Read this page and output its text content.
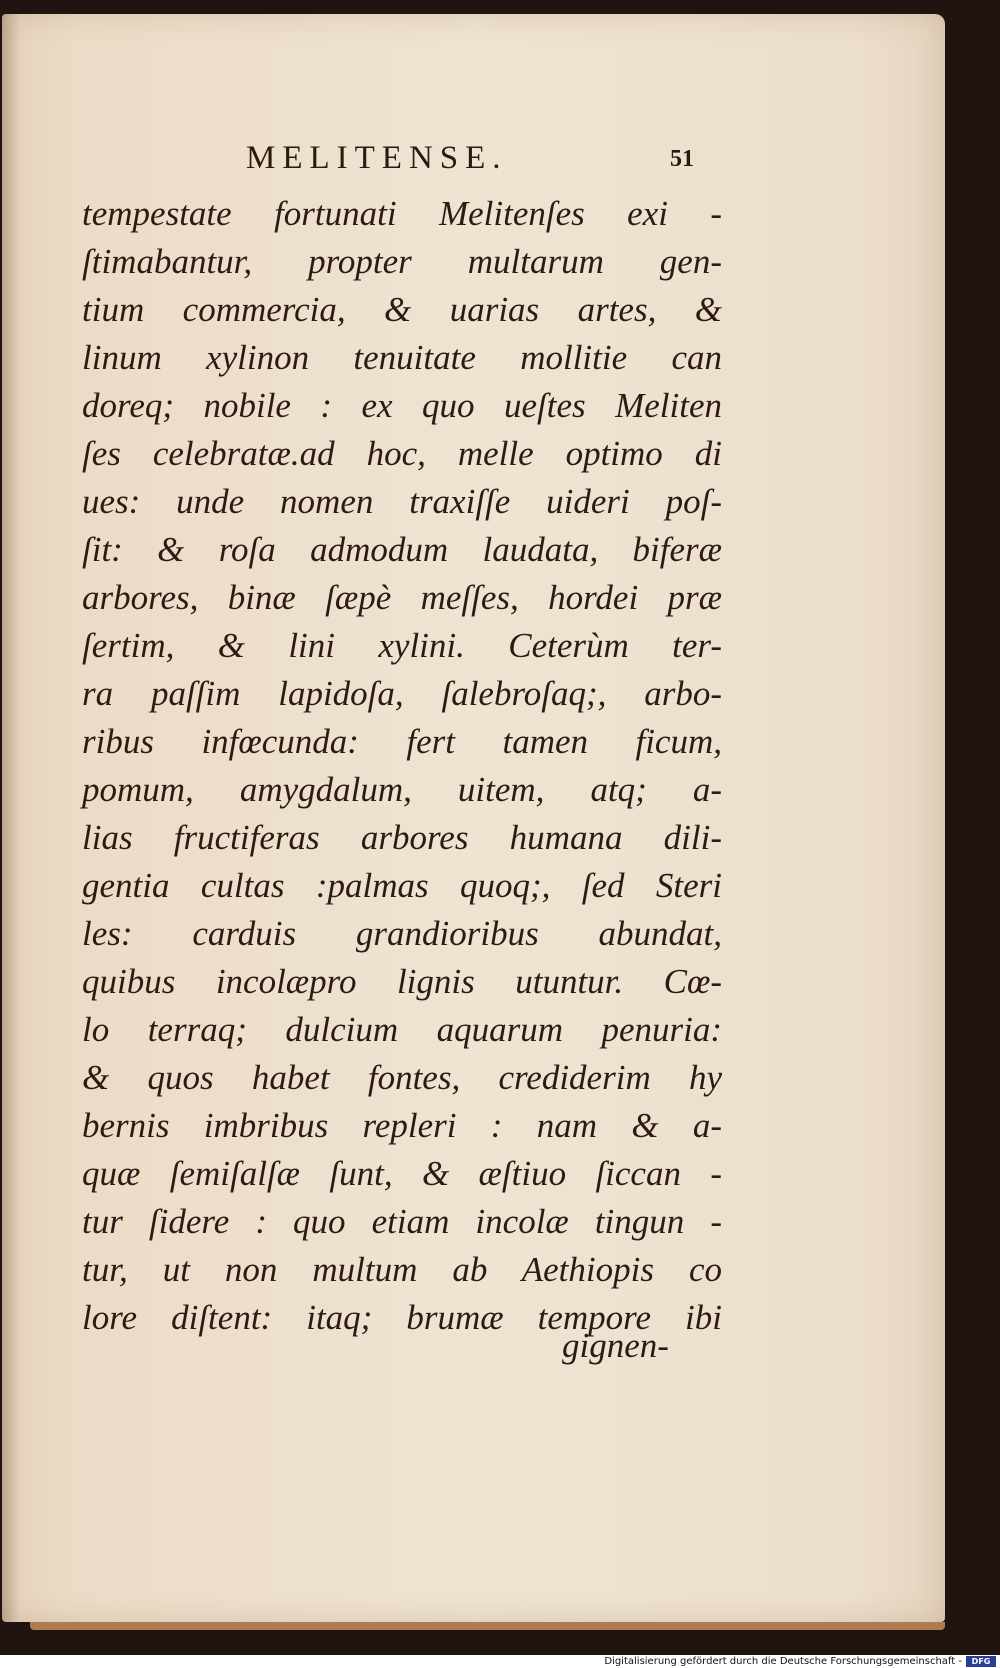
MELITENSE.	51
tempestate fortunati Melitenſes exi -
ſtimabantur, propter multarum gen-
tium commercia, & uarias artes, &
linum xylinon tenuitate mollitie can
doreq; nobile : ex quo ueſtes Meliten
ſes celebratæ.ad hoc, melle optimo di
ues: unde nomen traxiſſe uideri poſ-
ſit: & roſa admodum laudata, biferæ
arbores, binæ ſæpè meſſes, hordei præ
ſertim, & lini xylini. Ceterùm ter-
ra paſſim lapidoſa, ſalebroſaq;, arbo-
ribus infœcunda: fert tamen ficum,
pomum, amygdalum, uitem, atq; a-
lias fructiferas arbores humana dili-
gentia cultas :palmas quoq;, ſed Steri
les: carduis grandioribus abundat,
quibus incolæpro lignis utuntur. Cœ-
lo terraq; dulcium aquarum penuria:
& quos habet fontes, crediderim hy
bernis imbribus repleri : nam & a-
quæ ſemiſalſæ ſunt, & æſtiuo ſiccan -
tur ſidere : quo etiam incolæ tingun -
tur, ut non multum ab Aethiopis co
lore diſtent: itaq; brumæ tempore ibi
gignen-
Digitalisierung gefördert durch die Deutsche Forschungsgemeinschaft -	DFG
